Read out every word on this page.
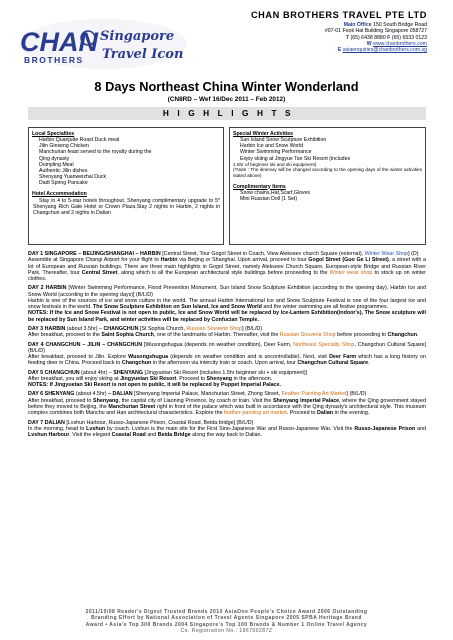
CHAN
BROTHERS
Singapore
Travel Icon
CHAN BROTHERS TRAVEL PTE LTD
Main Office 150 South Bridge Road
#07-01 Fook Hai Building Singapore 058727
T (65) 6438 8880 F (65) 6533 0123
W www.chanbrothers.com
E asiaenquiries@chanbrothers.com.sg
8 Days Northeast China Winter Wonderland
(CN8RD – Wef 16/Dec 2011 – Feb 2012)
HIGHLIGHTS
Local Specialties
Harbin Quanjude Roast Duck meal
Jilin Ginseng Chicken
Manchurian feast served to the royalty during the
Qing dynasty
Dumpling Meal
Authentic Jilin dishes
Shenyang Yuanweizhai Duck
Dadi Spring Pancake
Hotel Accommodation
Stay in 4 to 5-star hotels throughout, Shenyang complimentary upgrade to 5* Shenyang Rich Gate Hotel or Crown Plaza,Stay 2 nights in Harbin, 2 nights in Changchun and 2 nights in Dalian
Special Winter Activities
Sun Island Snow Sculpture Exhibition
Harbin Ice and Snow World
Winter Swimming Performance
Enjoy skiing at Jingyue Tan Ski Resort (includes
1.5hr of beginner ski and ski equipment)
(*Note : The itinerary will be changed according to the opening days of the winter activities stated above)
Complimentary Items
Snow chains,Hat,Scarf,Gloves
Mini Russian Doll (1 Set)
DAY 1 SINGAPORE – BEIJING/SHANGHAI – HARBIN [Central Street, Tour Gogol Street in Coach, View Alekseev church Square (external), Winter Wear Shop] (D)
Assemble at Singapore Changi Airport for your flight to Harbin via Beijing or Shanghai. Upon arrival, proceed to tour Gogol Street (Guo Ge Li Street), a street with a lot of European and Russian buildings. There are three main highlights in Gogol Street, namely Alekseev Church Square, European-style Bridge and Russian River Park. Thereafter, tour Central Street, along which is all the European architectural style buildings before proceeding to the Winter wear shop to stock up on winter clothes.
DAY 2 HARBIN [Winter Swimming Performance, Flood Prevention Monument, Sun Island Snow Sculpture Exhibition (according to the opening day), Harbin Ice and Snow World (according to the opening days)] (B/L/D)
Harbin is one of the sources of ice and snow culture in the world. The annual Harbin International Ice and Snow Sculpture Festival is one of the four largest ice and snow festivals in the world. The Snow Sculpture Exhibition on Sun Island, Ice and Snow World and the winter swimming are all festive programmes.
NOTES: If the Ice and Snow Festival is not open to public, Ice and Snow World will be replaced by Ice-Lantern Exhibition(indoor's), The Snow sculpture will be replaced by Sun Island Park, and winter activities will be replaced by Confucian Temple.
DAY 3 HARBIN (about 3.5hr) – CHANGCHUN [St Sophia Church, Russian Souvenir Shop] (B/L/D)
After breakfast, proceed to the Saint Sophia Church, one of the landmarks of Harbin. Thereafter, visit the Russian Souvenir Shop before proceeding to Changchun.
DAY 4 CHANGCHUN – JILIN – CHANGCHUN [Wusongshugua (depends on weather condition), Deer Farm, Northeast Specialty Shop, Changchun Cultural Square] (B/L/D)
After breakfast, proceed to Jilin. Explore Wusongshugua (depends on weather condition and is uncontrollable). Next, visit Deer Farm which has a long history on feeding deer in China. Proceed back to Changchun in the afternoon via intercity train or coach. Upon arrival, tour Changchun Cultural Square.
DAY 5 CHANGCHUN (about 4hr) – SHENYANG [Jingyuetan Ski Resort (includes 1.5hr beginner ski + ski equipment)]
After breakfast, you will enjoy skiing at Jingyuetan Ski Resort. Proceed to Shenyang in the afternoon.
NOTES: If Jingyuetan Ski Resort is not open to public, it will be replaced by Puppet Imperial Palace.
DAY 6 SHENYANG (about 4.5hr) – DALIAN [Shenyang Imperial Palace, Manchurian Street, Zhong Street, Feather Painting Art Market] (B/L/D)
After breakfast, proceed to Shenyang, the capital city of Liaoning Province, by coach or train. Visit the Shenyang Imperial Palace, where the Qing government stayed before they moved to Beijing, the Manchurian Street right in front of the palace which was built in accordance with the Qing dynasty's architectural style. This museum complex combines both Manchu and Han architectural characteristics. Explore the feather-painting art market. Proceed to Dalian in the evening.
DAY 7 DALIAN [Lvshun Harbour, Russo-Japanese Prison, Coastal Road, Beida bridge] (B/L/D)
In the morning, head to Lvshun by coach. Lvshun is the main site for the First Sino-Japanese War and Russo-Japanese War. Visit the Russo-Japanese Prison and Lvshun Harbour. Visit the elegant Coastal Road and Beida Bridge along the way back to Dalian.
2011/10/08 Reader's Digest Trusted Brands 2010 AsiaOne People's Choice Award 2006 Outstanding
Branding Effort by National Association of Travel Agents Singapore 2005 SPBA Heritage Brand
Award • Asia's Top 300 Brands 2004 Singapore's Top 100 Brands & Number 1 Online Travel Agency
Co. Registration No.: 196700287Z
